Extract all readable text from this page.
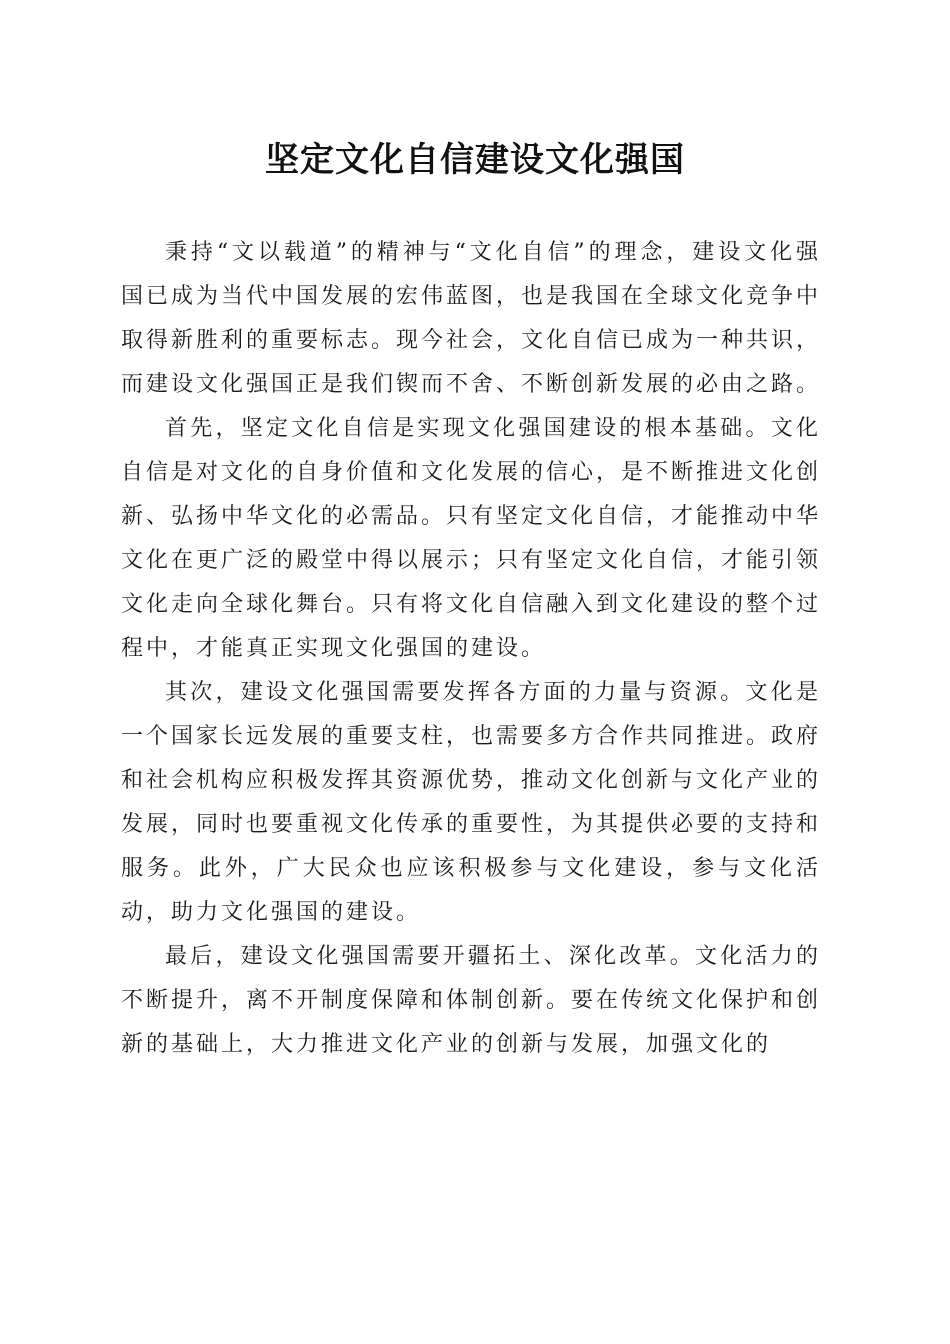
坚定文化自信建设文化强国

秉持“文以载道”的精神与“文化自信”的理念，建设文化强国已成为当代中国发展的宏伟蓝图，也是我国在全球文化竞争中取得新胜利的重要标志。现今社会，文化自信已成为一种共识，而建设文化强国正是我们锲而不舍、不断创新发展的必由之路。

首先，坚定文化自信是实现文化强国建设的根本基础。文化自信是对文化的自身价值和文化发展的信心，是不断推进文化创新、弘扬中华文化的必需品。只有坚定文化自信，才能推动中华文化在更广泛的殿堂中得以展示；只有坚定文化自信，才能引领文化走向全球化舞台。只有将文化自信融入到文化建设的整个过程中，才能真正实现文化强国的建设。

其次，建设文化强国需要发挥各方面的力量与资源。文化是一个国家长远发展的重要支柱，也需要多方合作共同推进。政府和社会机构应积极发挥其资源优势，推动文化创新与文化产业的发展，同时也要重视文化传承的重要性，为其提供必要的支持和服务。此外，广大民众也应该积极参与文化建设，参与文化活动，助力文化强国的建设。

最后，建设文化强国需要开疆拓土、深化改革。文化活力的不断提升，离不开制度保障和体制创新。要在传统文化保护和创新的基础上，大力推进文化产业的创新与发展，加强文化的
